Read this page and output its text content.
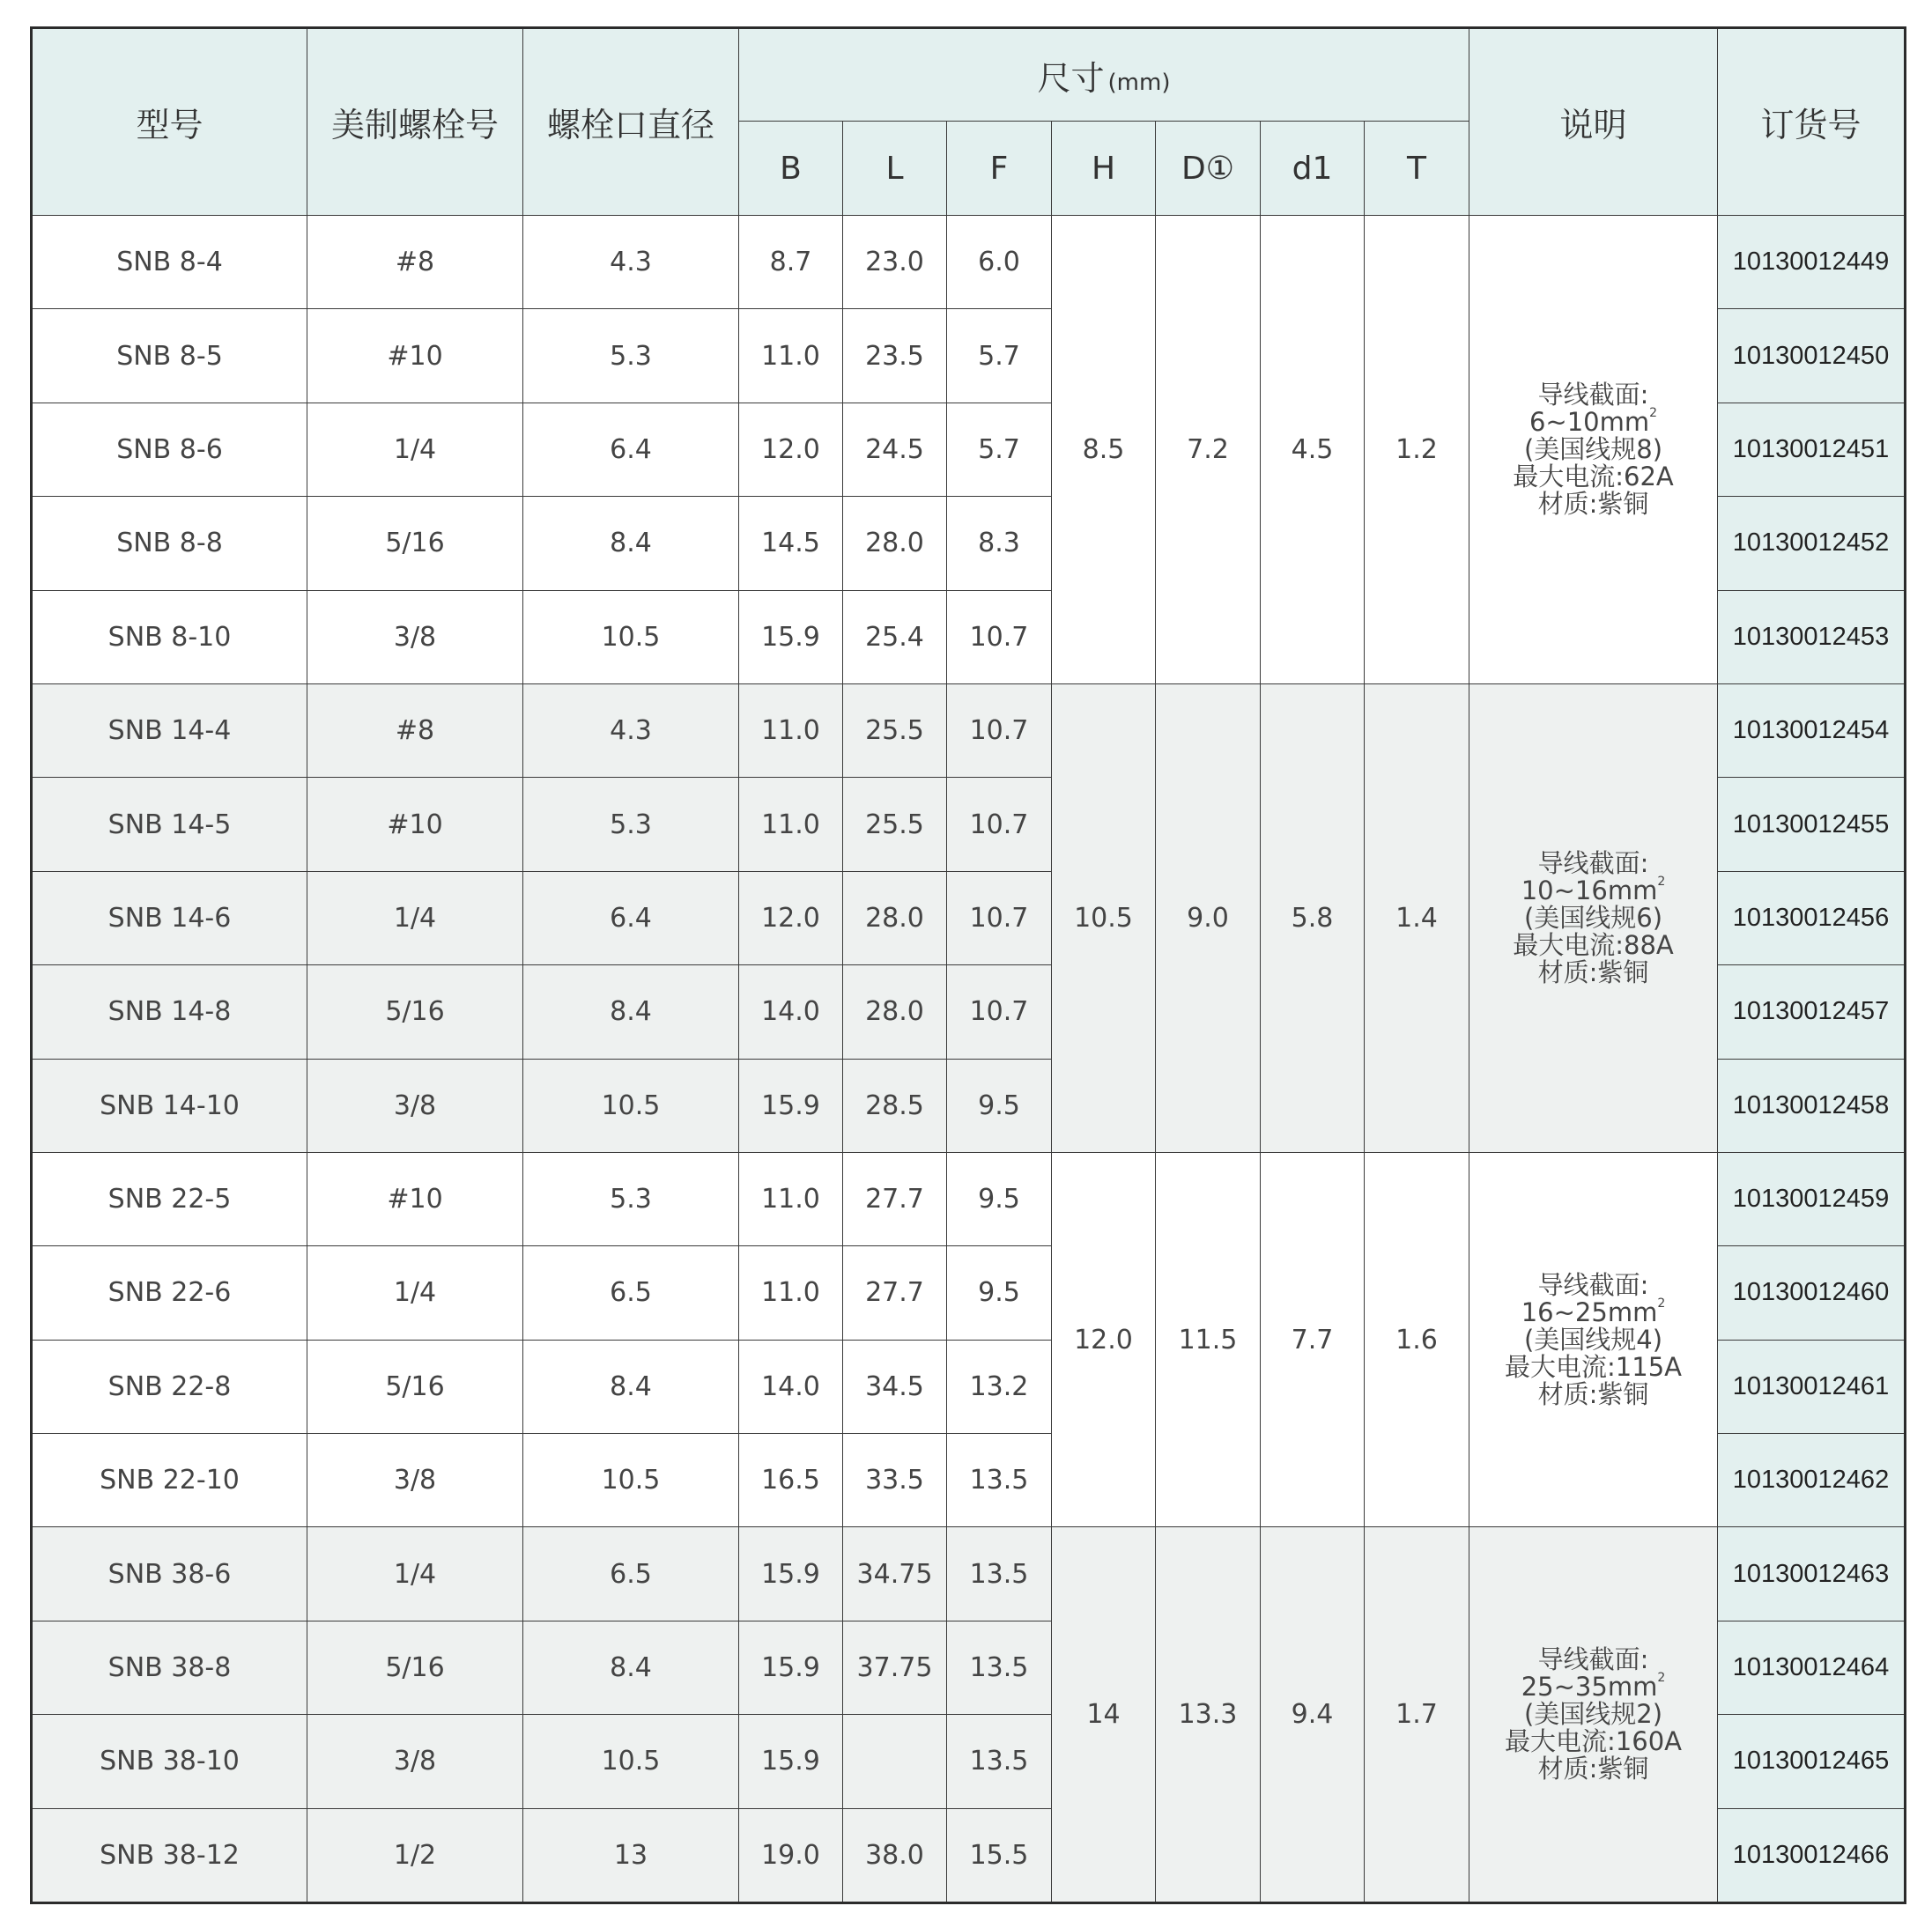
型号	美制螺栓号	螺栓口直径	尺寸 (mm)							说明	订货号
			B	L	F	H	D①	d1	T		
SNB 8-4	#8	4.3	8.7	23.0	6.0	8.5	7.2	4.5	1.2	导线截面:
$6\sim 10mm^2$
(美国线规8)
最大电流:62A
材质:紫铜	10130012449
SNB 8-5	#10	5.3	11.0	23.5	5.7						10130012450
SNB 8-6	1/4	6.4	12.0	24.5	5.7						10130012451
SNB 8-8	5/16	8.4	14.5	28.0	8.3						10130012452
SNB 8-10	3/8	10.5	15.9	25.4	10.7						10130012453
SNB 14-4	#8	4.3	11.0	25.5	10.7	10.5	9.0	5.8	1.4	导线截面:
$10\sim 16mm^2$
(美国线规6)
最大电流:88A
材质:紫铜	10130012454
SNB 14-5	#10	5.3	11.0	25.5	10.7						10130012455
SNB 14-6	1/4	6.4	12.0	28.0	10.7						10130012456
SNB 14-8	5/16	8.4	14.0	28.0	10.7						10130012457
SNB 14-10	3/8	10.5	15.9	28.5	9.5						10130012458
SNB 22-5	#10	5.3	11.0	27.7	9.5	12.0	11.5	7.7	1.6	导线截面:
$16\sim 25mm^2$
(美国线规4)
最大电流:115A
材质:紫铜	10130012459
SNB 22-6	1/4	6.5	11.0	27.7	9.5						10130012460
SNB 22-8	5/16	8.4	14.0	34.5	13.2						10130012461
SNB 22-10	3/8	10.5	16.5	33.5	13.5						10130012462
SNB 38-6	1/4	6.5	15.9	34.75	13.5	14	13.3	9.4	1.7	导线截面:
$25\sim 35mm^2$
(美国线规2)
最大电流:160A
材质:紫铜	10130012463
SNB 38-8	5/16	8.4	15.9	37.75	13.5						10130012464
SNB 38-10	3/8	10.5	15.9		13.5						10130012465
SNB 38-12	1/2	13	19.0	38.0	15.5						10130012466
